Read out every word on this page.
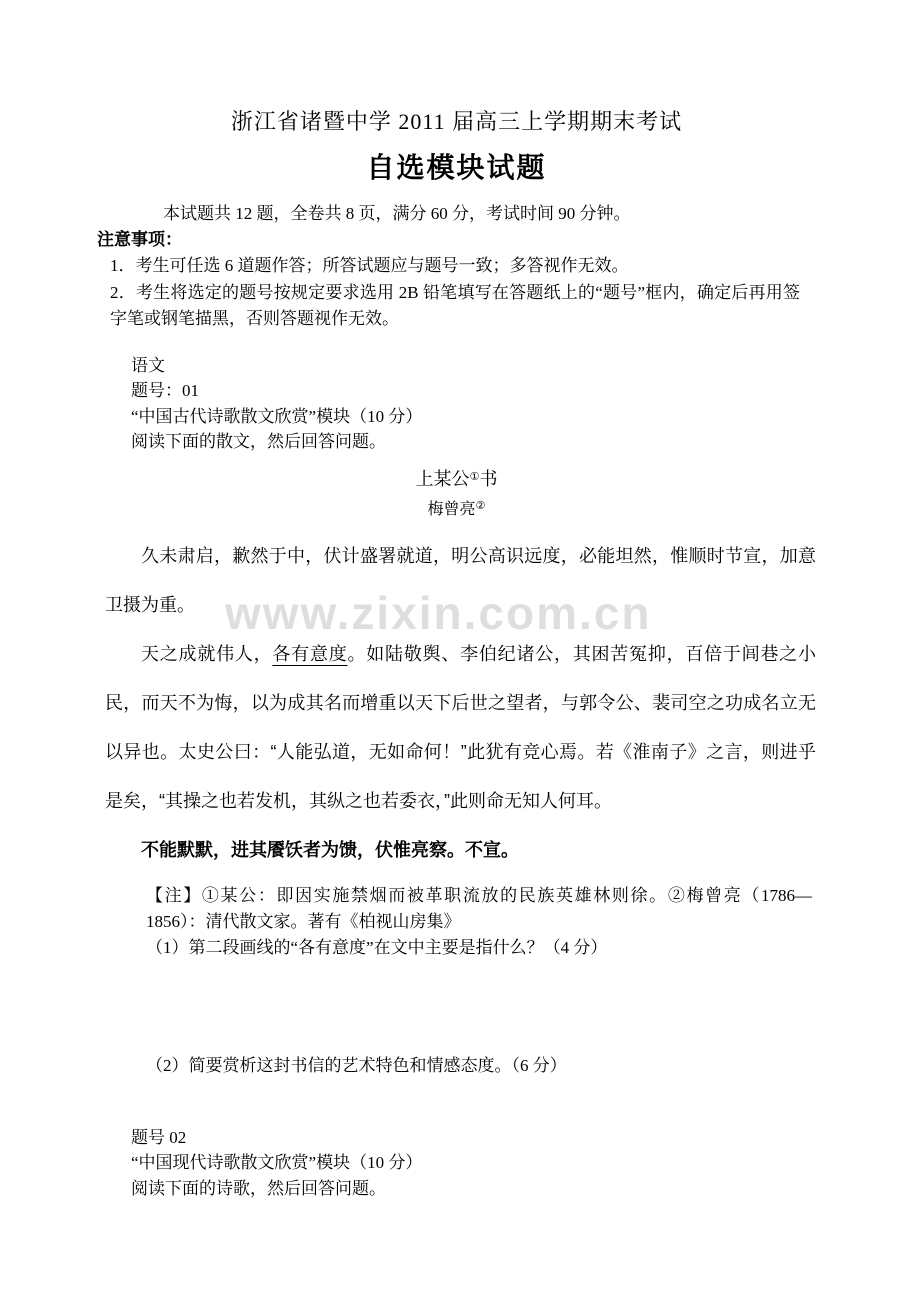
www.zixin.com.cn
浙江省诸暨中学 2011 届高三上学期期末考试
自选模块试题
本试题共 12 题，全卷共 8 页，满分 60 分，考试时间 90 分钟。
注意事项：
1．考生可任选 6 道题作答；所答试题应与题号一致；多答视作无效。
2．考生将选定的题号按规定要求选用 2B 铅笔填写在答题纸上的“题号”框内，确定后再用签字笔或钢笔描黑，否则答题视作无效。
语文
题号：01
“中国古代诗歌散文欣赏”模块（10 分）
阅读下面的散文，然后回答问题。
上某公①书
梅曾亮②

久未肃启，歉然于中，伏计盛署就道，明公高识远度，必能坦然，惟顺时节宣，加意卫摄为重。

天之成就伟人，各有意度。如陆敬舆、李伯纪诸公，其困苦冤抑，百倍于闾巷之小民，而天不为悔，以为成其名而增重以天下后世之望者，与郭令公、裴司空之功成名立无以异也。太史公曰：“人能弘道，无如命何！”此犹有竞心焉。若《淮南子》之言，则进乎是矣，“其操之也若发机，其纵之也若委衣，”此则命无知人何耳。

不能默默，进其餍饫者为馈，伏惟亮察。不宣。

【注】①某公：即因实施禁烟而被革职流放的民族英雄林则徐。②梅曾亮（1786—1856）：清代散文家。著有《柏视山房集》
（1）第二段画线的“各有意度”在文中主要是指什么？（4 分）
（2）简要赏析这封书信的艺术特色和情感态度。（6 分）
题号 02
“中国现代诗歌散文欣赏”模块（10 分）
阅读下面的诗歌，然后回答问题。
